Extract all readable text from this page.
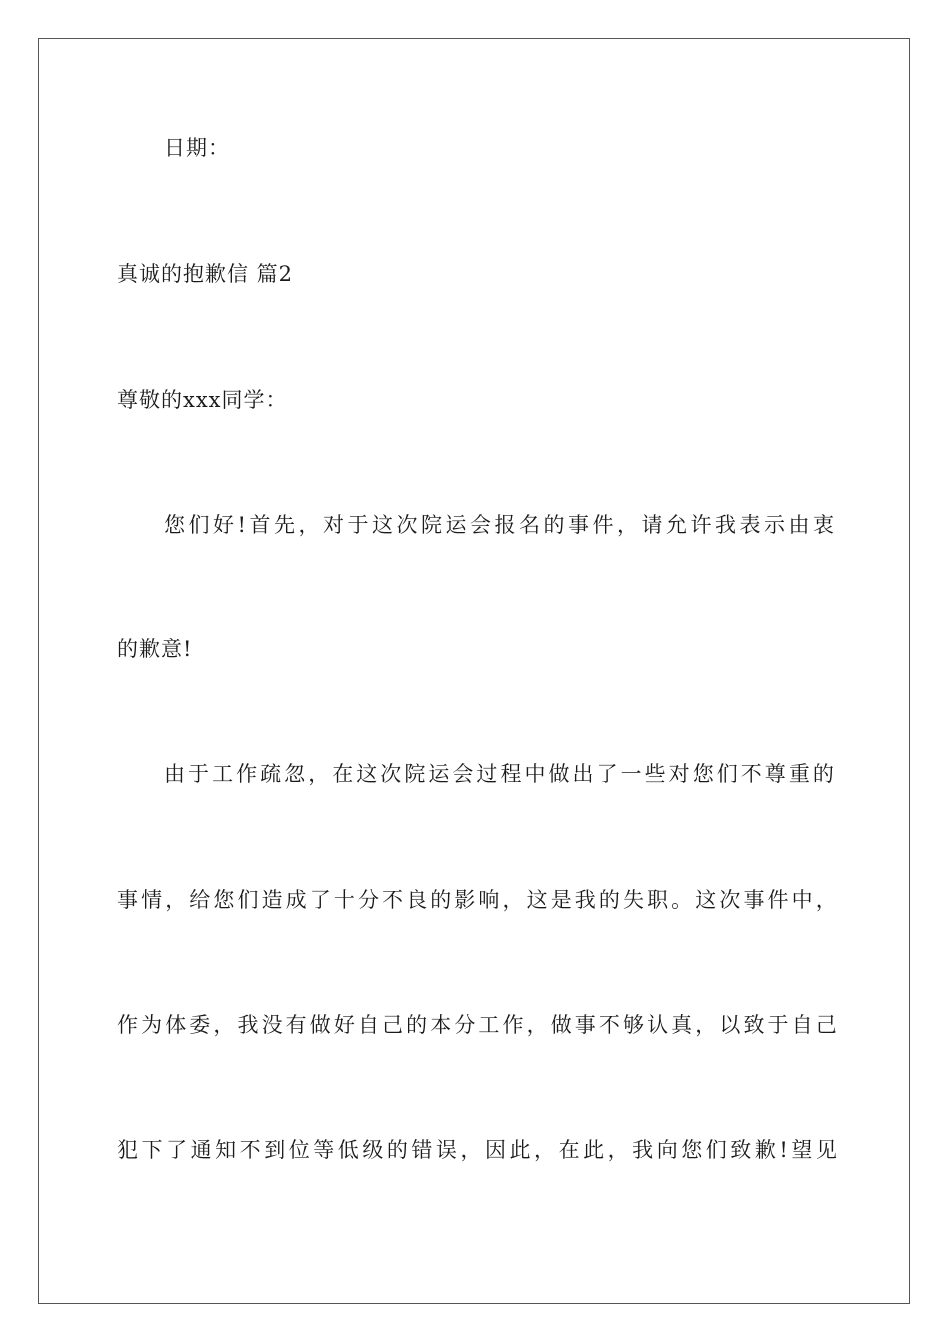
日期：
真诚的抱歉信 篇2
尊敬的xxx同学：
您 们 好 ! 首 先 ， 对 于 这 次 院 运 会 报 名 的 事 件 ， 请 允 许 我 表 示 由 衷
的歉意!
由 于 工 作 疏 忽 ， 在 这 次 院 运 会 过 程 中 做 出 了 一 些 对 您 们 不 尊 重 的
事 情 ， 给 您 们 造 成 了 十 分 不 良 的 影 响 ， 这 是 我 的 失 职 。 这 次 事 件 中 ，
作 为 体 委 ， 我 没 有 做 好 自 己 的 本 分 工 作 ， 做 事 不 够 认 真 ， 以 致 于 自 己
犯 下 了 通 知 不 到 位 等 低 级 的 错 误 ， 因 此 ， 在 此 ， 我 向 您 们 致 歉 ! 望 见
